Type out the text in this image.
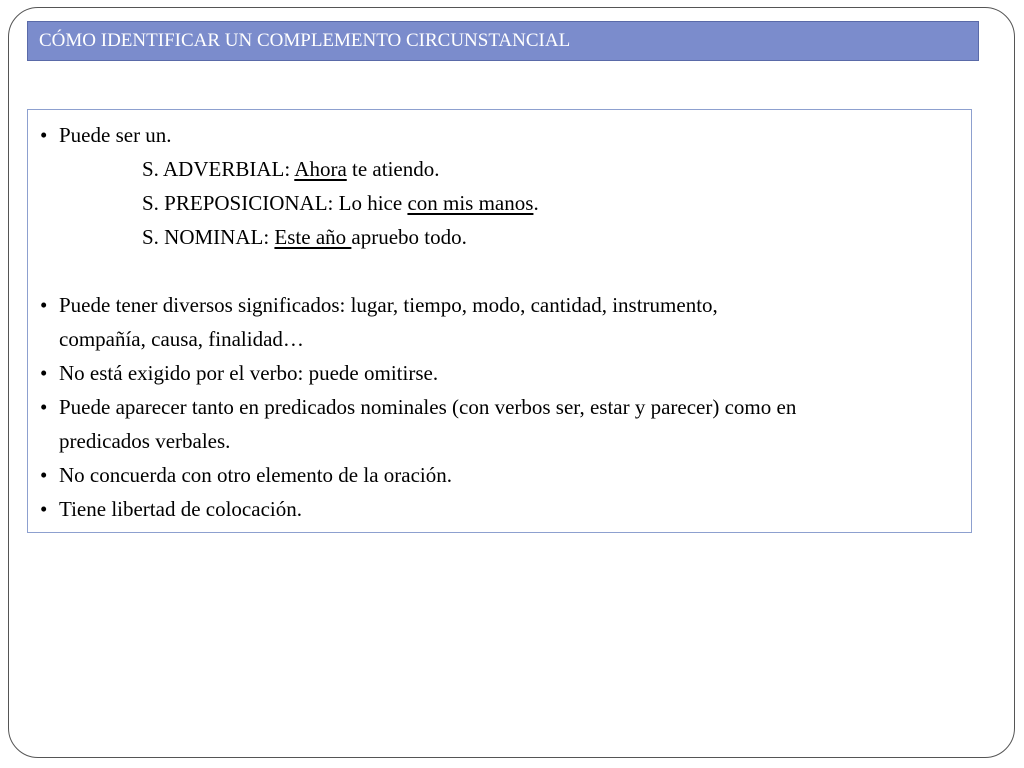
CÓMO IDENTIFICAR UN COMPLEMENTO CIRCUNSTANCIAL
• Puede ser un.
S. ADVERBIAL: Ahora te atiendo.
S. PREPOSICIONAL: Lo hice con mis manos.
S. NOMINAL: Este año apruebo todo.
• Puede tener diversos significados: lugar, tiempo, modo, cantidad, instrumento,
compañía, causa, finalidad…
• No está exigido por el verbo: puede omitirse.
• Puede aparecer tanto en predicados nominales (con verbos ser, estar y parecer) como en
predicados verbales.
• No concuerda con otro elemento de la oración.
• Tiene libertad de colocación.
